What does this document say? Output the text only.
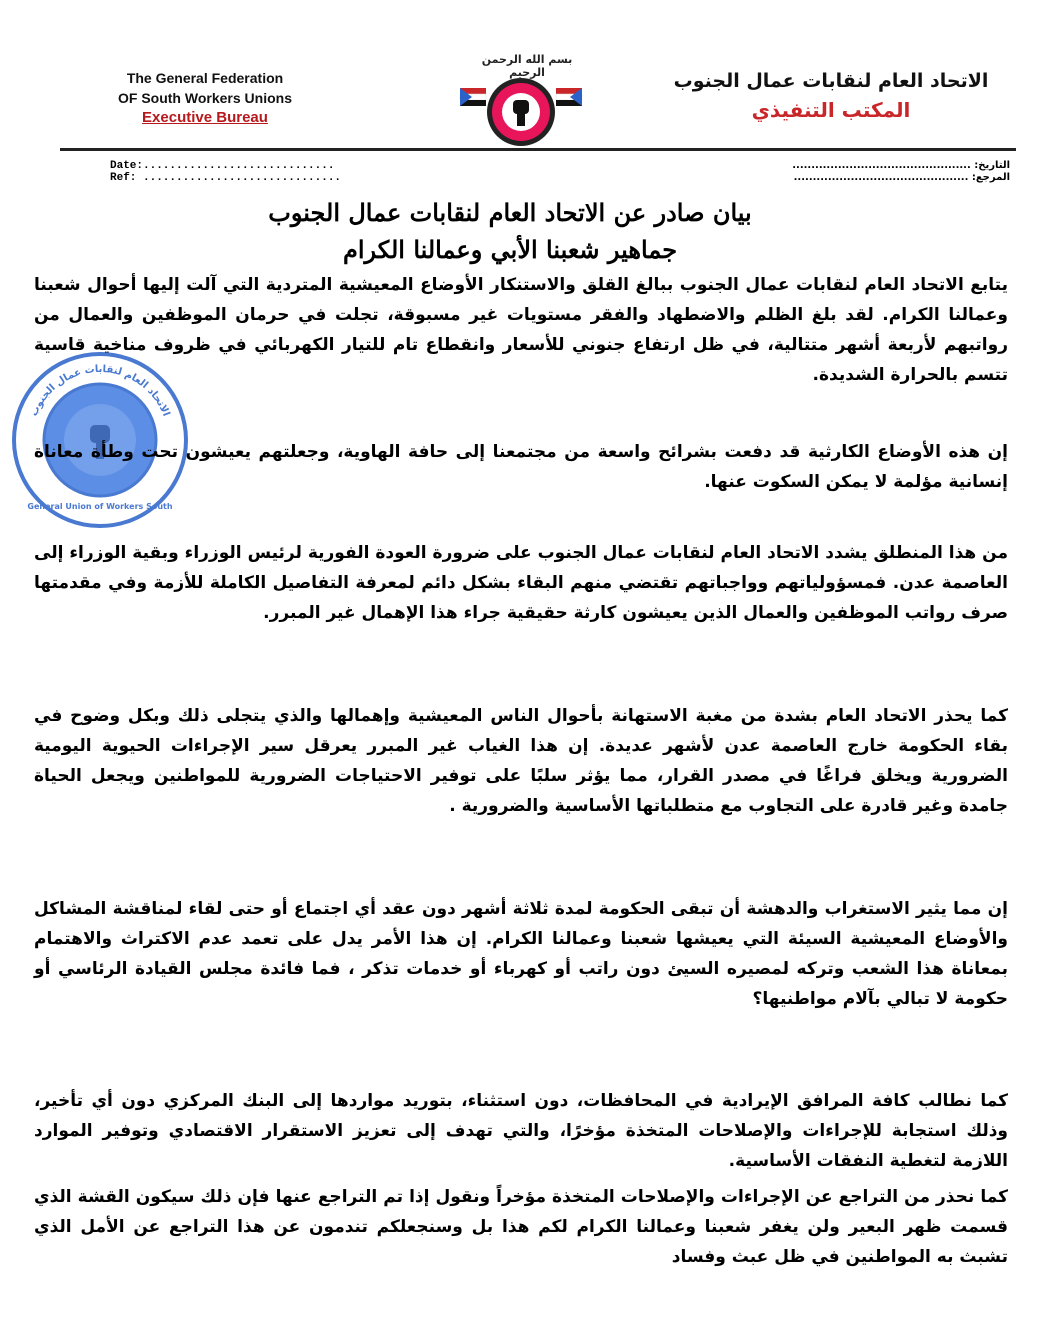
The General Federation
OF South Workers Unions
Executive Bureau
الاتحاد العام لنقابات عمال الجنوب
المكتب التنفيذي
بسم الله الرحمن الرحيم
Date:.............................
Ref: ..............................
التاريخ: ...............................................
المرجع: ..............................................
الاتحاد العام لنقابات عمال الجنوب
General Union of Workers South
بيان صادر عن الاتحاد العام لنقابات عمال الجنوب
جماهير شعبنا الأبي وعمالنا الكرام

يتابع الاتحاد العام لنقابات عمال الجنوب ببالغ القلق والاستنكار الأوضاع المعيشية المتردية التي آلت إليها أحوال شعبنا وعمالنا الكرام. لقد بلغ الظلم والاضطهاد والفقر مستويات غير مسبوقة، تجلت في حرمان الموظفين والعمال من رواتبهم لأربعة أشهر متتالية، في ظل ارتفاع جنوني للأسعار وانقطاع تام للتيار الكهربائي في ظروف مناخية قاسية تتسم بالحرارة الشديدة.

إن هذه الأوضاع الكارثية قد دفعت بشرائح واسعة من مجتمعنا إلى حافة الهاوية، وجعلتهم يعيشون تحت وطأة معاناة إنسانية مؤلمة لا يمكن السكوت عنها.

من هذا المنطلق يشدد الاتحاد العام لنقابات عمال الجنوب على ضرورة العودة الفورية لرئيس الوزراء وبقية الوزراء إلى العاصمة عدن. فمسؤولياتهم وواجباتهم تقتضي منهم البقاء بشكل دائم لمعرفة التفاصيل الكاملة للأزمة وفي مقدمتها صرف رواتب الموظفين والعمال الذين يعيشون كارثة حقيقية جراء هذا الإهمال غير المبرر.

كما يحذر الاتحاد العام بشدة من مغبة الاستهانة بأحوال الناس المعيشية وإهمالها والذي يتجلى ذلك وبكل وضوح في بقاء الحكومة خارج العاصمة عدن لأشهر عديدة. إن هذا الغياب غير المبرر يعرقل سير الإجراءات الحيوية اليومية الضرورية ويخلق فراغًا في مصدر القرار، مما يؤثر سلبًا على توفير الاحتياجات الضرورية للمواطنين ويجعل الحياة جامدة وغير قادرة على التجاوب مع متطلباتها الأساسية والضرورية .

إن مما يثير الاستغراب والدهشة أن تبقى الحكومة لمدة ثلاثة أشهر دون عقد أي اجتماع أو حتى لقاء لمناقشة المشاكل والأوضاع المعيشية السيئة التي يعيشها شعبنا وعمالنا الكرام. إن هذا الأمر يدل على تعمد عدم الاكتراث والاهتمام بمعاناة هذا الشعب وتركه لمصيره السيئ دون راتب أو كهرباء أو خدمات تذكر ، فما فائدة مجلس القيادة الرئاسي أو حكومة لا تبالي بآلام مواطنيها؟

كما نطالب كافة المرافق الإيرادية في المحافظات، دون استثناء، بتوريد مواردها إلى البنك المركزي دون أي تأخير، وذلك استجابة للإجراءات والإصلاحات المتخذة مؤخرًا، والتي تهدف إلى تعزيز الاستقرار الاقتصادي وتوفير الموارد اللازمة لتغطية النفقات الأساسية.

كما نحذر من التراجع عن الإجراءات والإصلاحات المتخذة مؤخراً ونقول إذا تم التراجع عنها فإن ذلك سيكون القشة الذي قسمت ظهر البعير ولن يغفر شعبنا وعمالنا الكرام لكم هذا بل وسنجعلكم تندمون عن هذا التراجع عن الأمل الذي تشبث به المواطنين في ظل عبث وفساد
